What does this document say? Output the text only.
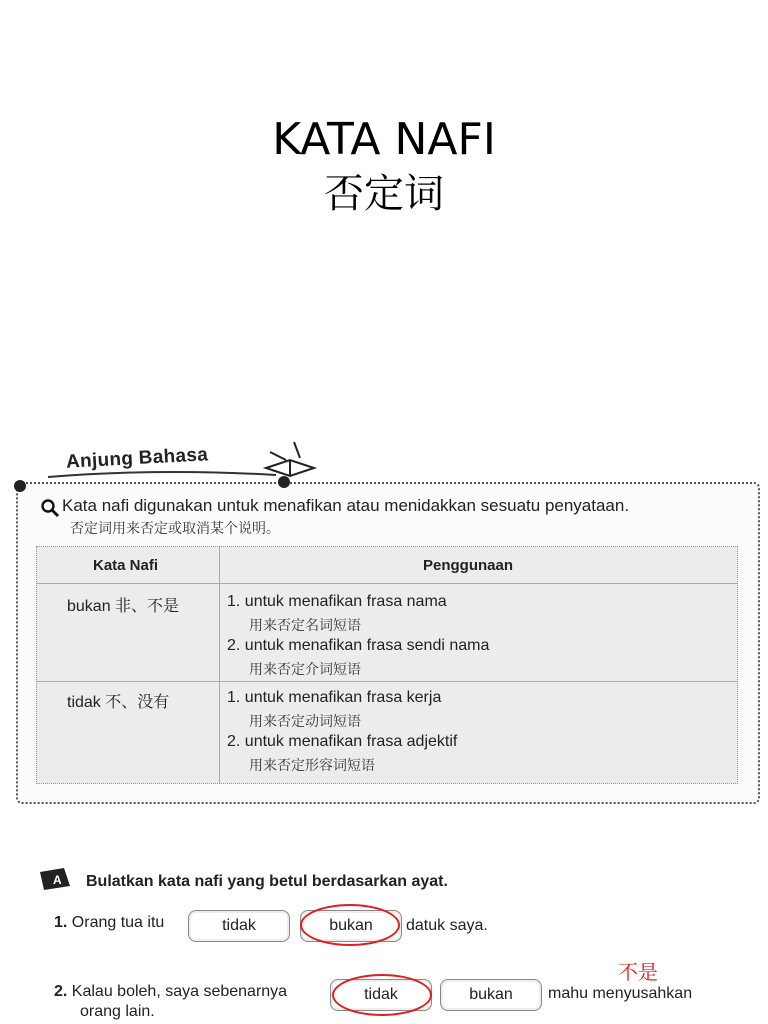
KATA NAFI
否定词
Anjung Bahasa
Kata nafi digunakan untuk menafikan atau menidakkan sesuatu penyataan.
否定词用来否定或取消某个说明。
Kata Nafi	Penggunaan
bukan 非、不是	1. untuk menafikan frasa nama
用来否定名词短语
2. untuk menafikan frasa sendi nama
用来否定介词短语
tidak 不、没有	1. untuk menafikan frasa kerja
用来否定动词短语
2. untuk menafikan frasa adjektif
用来否定形容词短语
A Bulatkan kata nafi yang betul berdasarkan ayat.
1. Orang tua itu	tidak	bukan	datuk saya.
不是
2. Kalau boleh, saya sebenarnya	tidak	bukan	mahu menyusahkan
orang lain.
